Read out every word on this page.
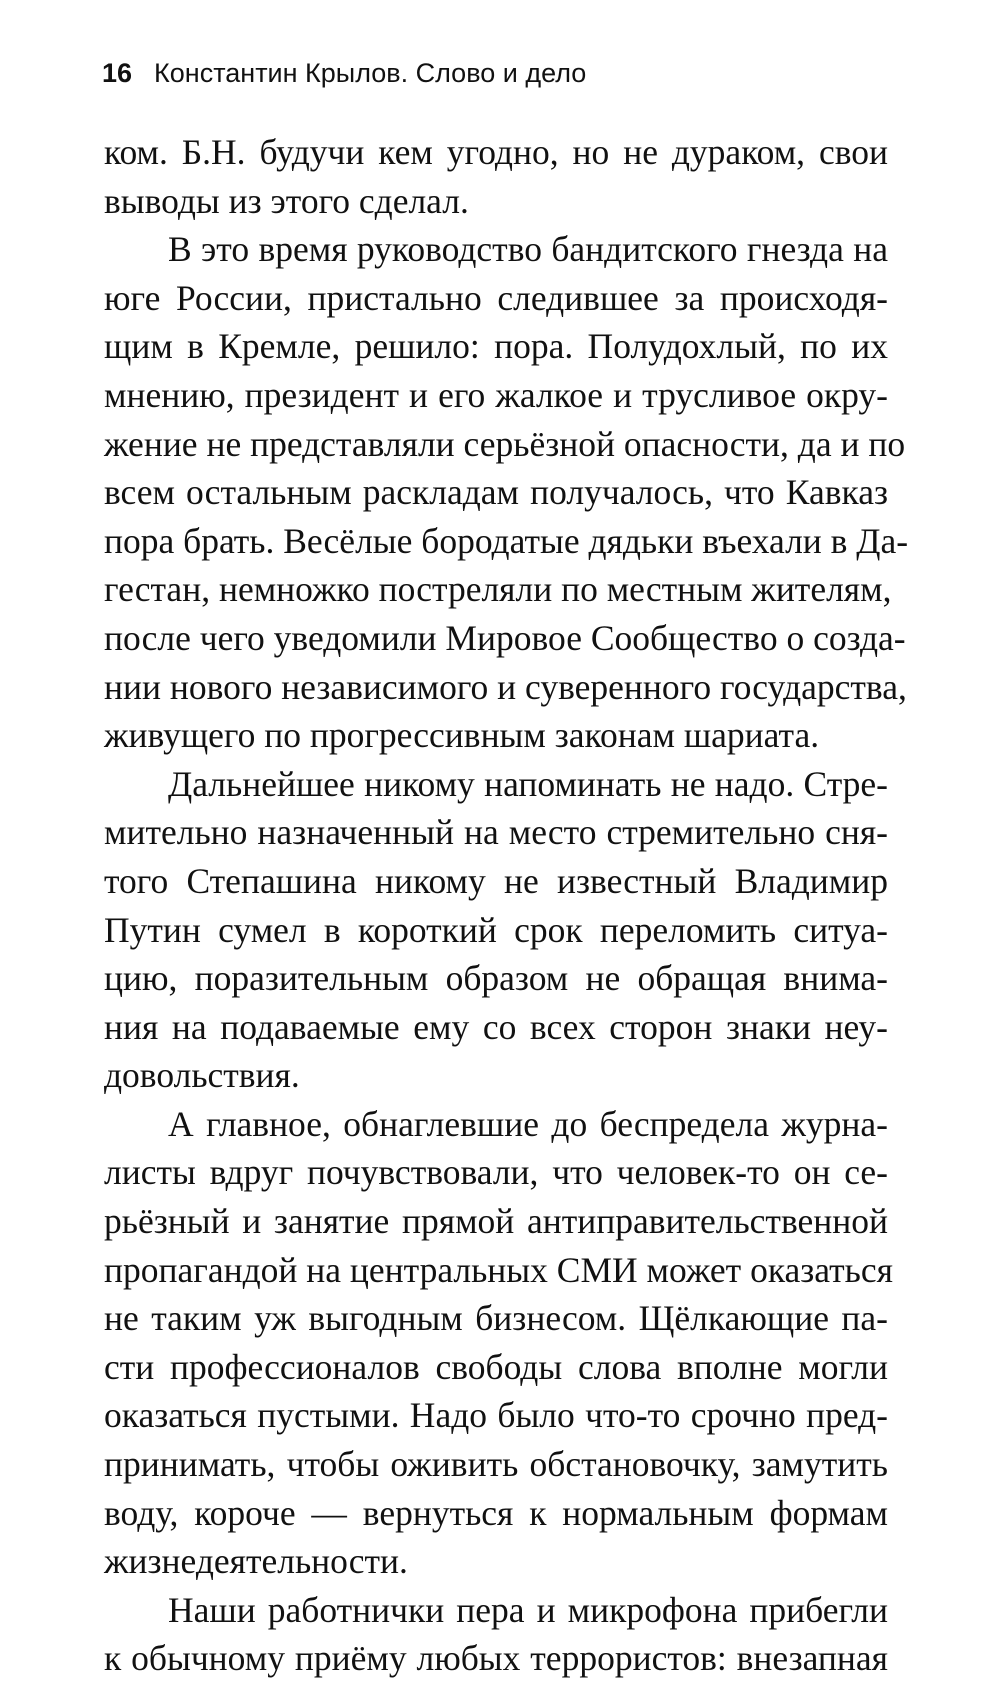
16 Константин Крылов. Слово и дело
ком. Б.Н. будучи кем угодно, но не дураком, свои
выводы из этого сделал.
В это время руководство бандитского гнезда на
юге России, пристально следившее за происходя-
щим в Кремле, решило: пора. Полудохлый, по их
мнению, президент и его жалкое и трусливое окру-
жение не представляли серьёзной опасности, да и по
всем остальным раскладам получалось, что Кавказ
пора брать. Весёлые бородатые дядьки въехали в Да-
гестан, немножко постреляли по местным жителям,
после чего уведомили Мировое Сообщество о созда-
нии нового независимого и суверенного государства,
живущего по прогрессивным законам шариата.
Дальнейшее никому напоминать не надо. Стре-
мительно назначенный на место стремительно сня-
того Степашина никому не известный Владимир
Путин сумел в короткий срок переломить ситуа-
цию, поразительным образом не обращая внима-
ния на подаваемые ему со всех сторон знаки неу-
довольствия.
А главное, обнаглевшие до беспредела журна-
листы вдруг почувствовали, что человек-то он се-
рьёзный и занятие прямой антиправительственной
пропагандой на центральных СМИ может оказаться
не таким уж выгодным бизнесом. Щёлкающие па-
сти профессионалов свободы слова вполне могли
оказаться пустыми. Надо было что-то срочно пред-
принимать, чтобы оживить обстановочку, замутить
воду, короче — вернуться к нормальным формам
жизнедеятельности.
Наши работнички пера и микрофона прибегли
к обычному приёму любых террористов: внезапная
